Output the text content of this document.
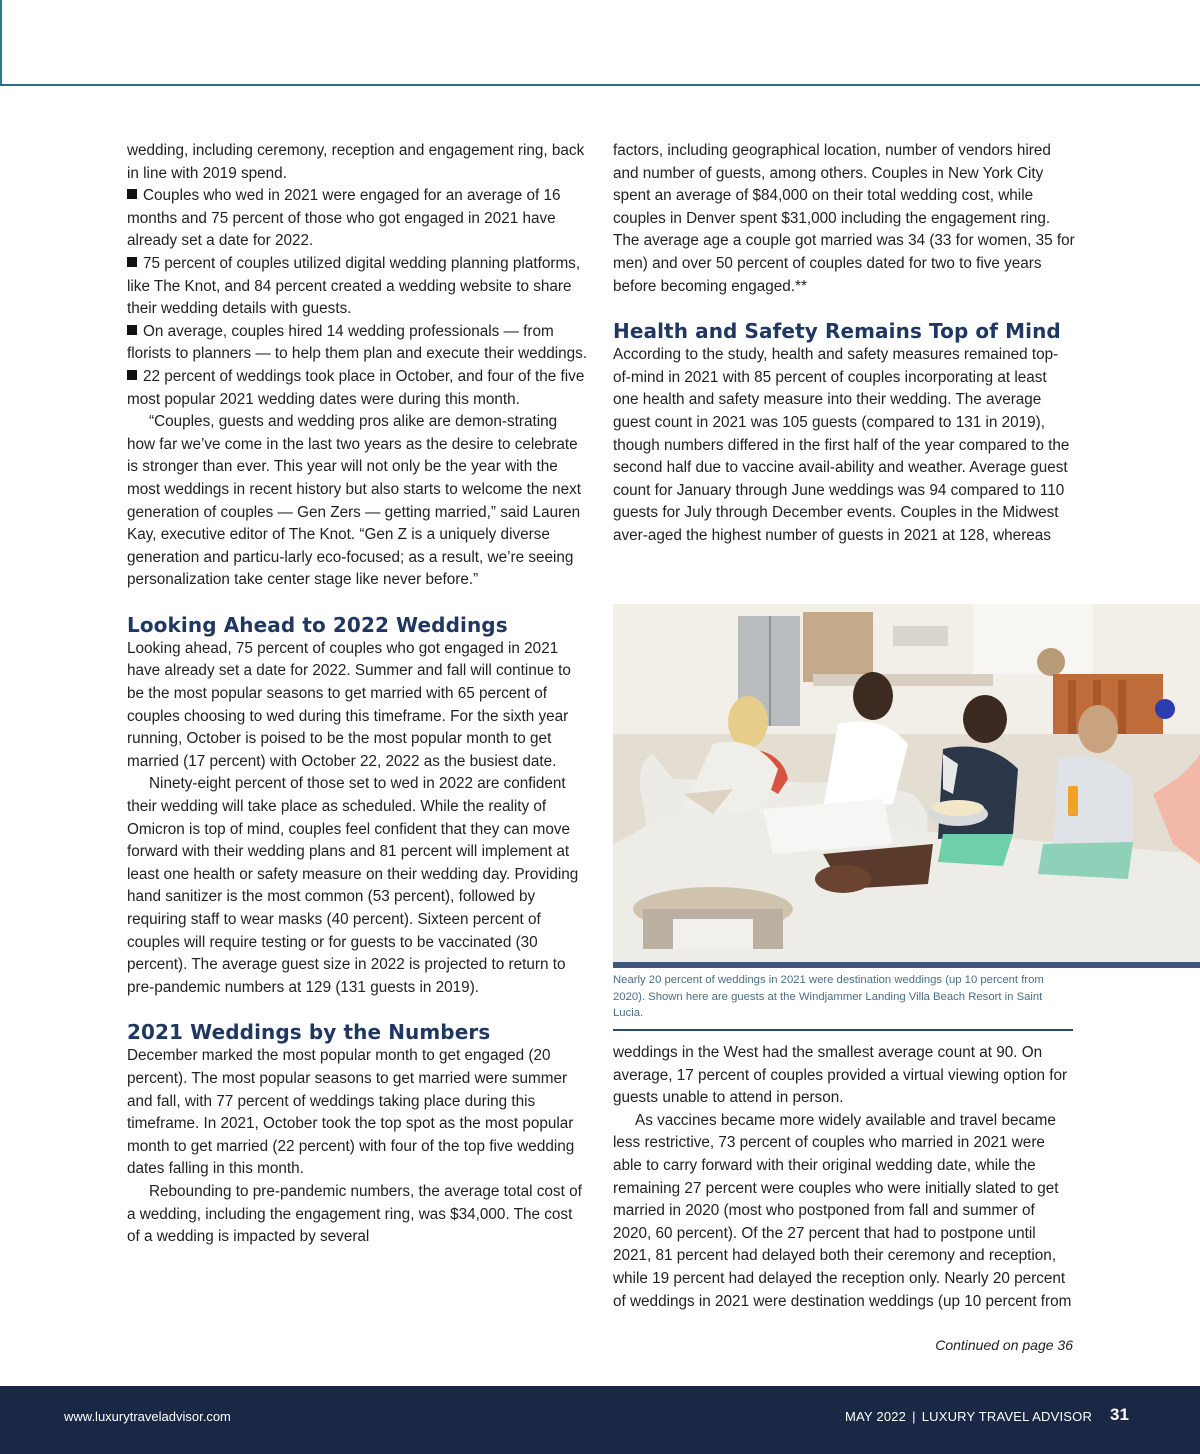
wedding, including ceremony, reception and engagement ring, back in line with 2019 spend.

Couples who wed in 2021 were engaged for an average of 16 months and 75 percent of those who got engaged in 2021 have already set a date for 2022.

75 percent of couples utilized digital wedding planning platforms, like The Knot, and 84 percent created a wedding website to share their wedding details with guests.

On average, couples hired 14 wedding professionals — from florists to planners — to help them plan and execute their weddings.

22 percent of weddings took place in October, and four of the five most popular 2021 wedding dates were during this month.

“Couples, guests and wedding pros alike are demon-strating how far we’ve come in the last two years as the desire to celebrate is stronger than ever. This year will not only be the year with the most weddings in recent history but also starts to welcome the next generation of couples — Gen Zers — getting married,” said Lauren Kay, executive editor of The Knot. “Gen Z is a uniquely diverse generation and particu-larly eco-focused; as a result, we’re seeing personalization take center stage like never before.”

Looking Ahead to 2022 Weddings

Looking ahead, 75 percent of couples who got engaged in 2021 have already set a date for 2022. Summer and fall will continue to be the most popular seasons to get married with 65 percent of couples choosing to wed during this timeframe. For the sixth year running, October is poised to be the most popular month to get married (17 percent) with October 22, 2022 as the busiest date.

Ninety-eight percent of those set to wed in 2022 are confident their wedding will take place as scheduled. While the reality of Omicron is top of mind, couples feel confident that they can move forward with their wedding plans and 81 percent will implement at least one health or safety measure on their wedding day. Providing hand sanitizer is the most common (53 percent), followed by requiring staff to wear masks (40 percent). Sixteen percent of couples will require testing or for guests to be vaccinated (30 percent). The average guest size in 2022 is projected to return to pre-pandemic numbers at 129 (131 guests in 2019).

2021 Weddings by the Numbers

December marked the most popular month to get engaged (20 percent). The most popular seasons to get married were summer and fall, with 77 percent of weddings taking place during this timeframe. In 2021, October took the top spot as the most popular month to get married (22 percent) with four of the top five wedding dates falling in this month.

Rebounding to pre-pandemic numbers, the average total cost of a wedding, including the engagement ring, was $34,000. The cost of a wedding is impacted by several

factors, including geographical location, number of vendors hired and number of guests, among others. Couples in New York City spent an average of $84,000 on their total wedding cost, while couples in Denver spent $31,000 including the engagement ring. The average age a couple got married was 34 (33 for women, 35 for men) and over 50 percent of couples dated for two to five years before becoming engaged.**

Health and Safety Remains Top of Mind

According to the study, health and safety measures remained top-of-mind in 2021 with 85 percent of couples incorporating at least one health and safety measure into their wedding. The average guest count in 2021 was 105 guests (compared to 131 in 2019), though numbers differed in the first half of the year compared to the second half due to vaccine avail-ability and weather. Average guest count for January through June weddings was 94 compared to 110 guests for July through December events. Couples in the Midwest aver-aged the highest number of guests in 2021 at 128, whereas

Nearly 20 percent of weddings in 2021 were destination weddings (up 10 percent from 2020). Shown here are guests at the Windjammer Landing Villa Beach Resort in Saint Lucia.

weddings in the West had the smallest average count at 90. On average, 17 percent of couples provided a virtual viewing option for guests unable to attend in person.

As vaccines became more widely available and travel became less restrictive, 73 percent of couples who married in 2021 were able to carry forward with their original wedding date, while the remaining 27 percent were couples who were initially slated to get married in 2020 (most who postponed from fall and summer of 2020, 60 percent). Of the 27 percent that had to postpone until 2021, 81 percent had delayed both their ceremony and reception, while 19 percent had delayed the reception only. Nearly 20 percent of weddings in 2021 were destination weddings (up 10 percent from

Continued on page 36
www.luxurytraveladvisor.com	MAY 2022 | LUXURY TRAVEL ADVISOR 31
